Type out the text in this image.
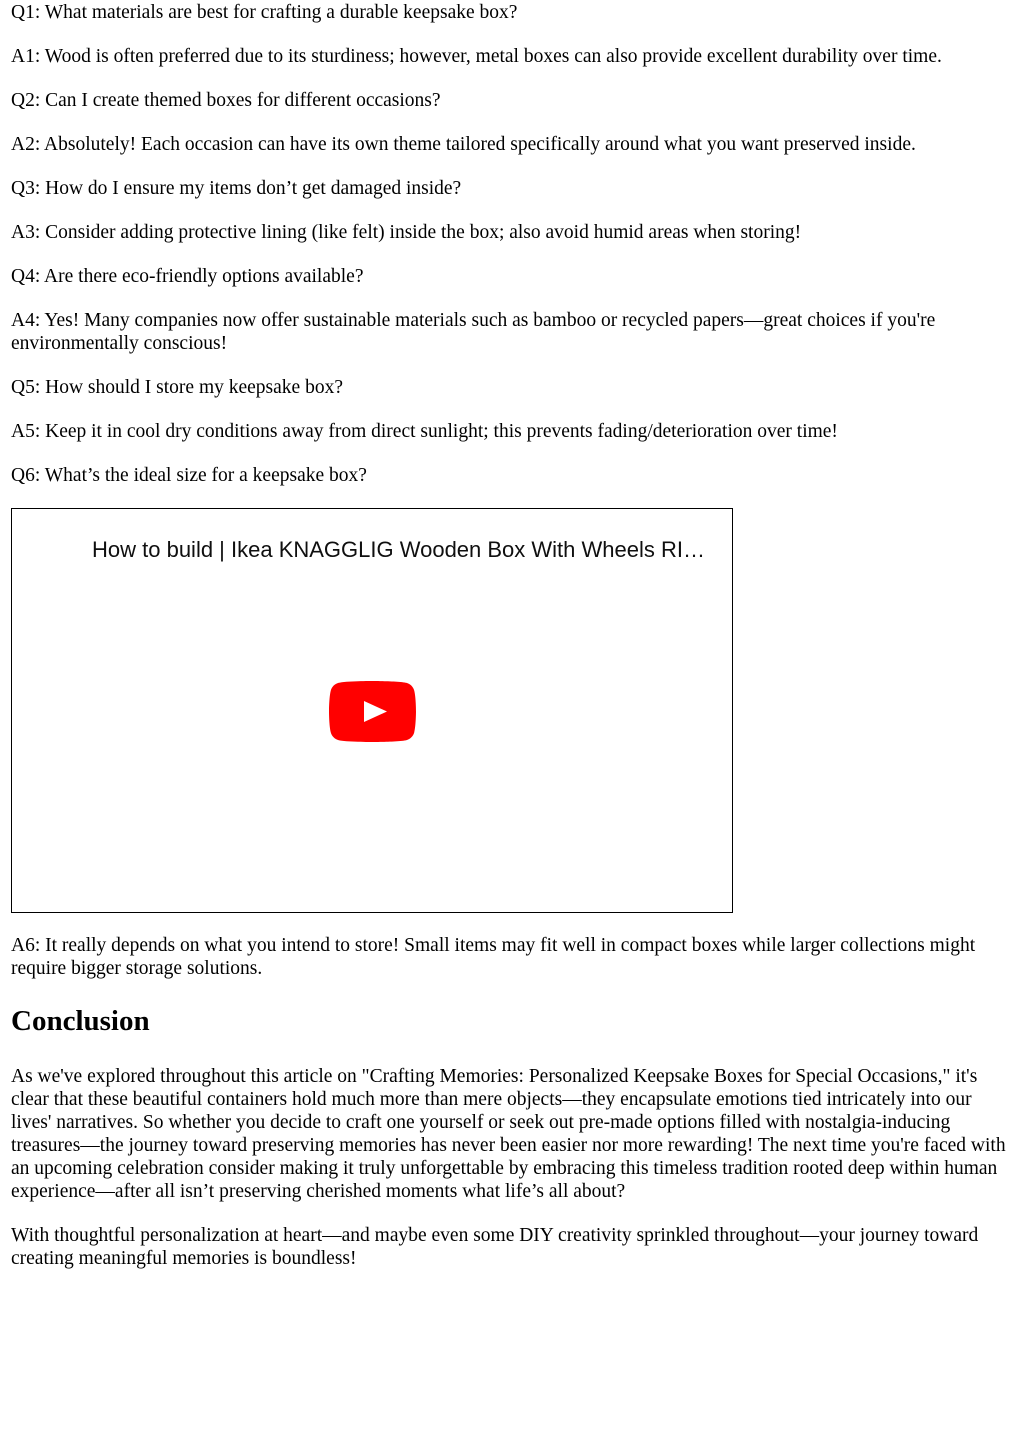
Q1: What materials are best for crafting a durable keepsake box?

A1: Wood is often preferred due to its sturdiness; however, metal boxes can also provide excellent durability over time.

Q2: Can I create themed boxes for different occasions?

A2: Absolutely! Each occasion can have its own theme tailored specifically around what you want preserved inside.

Q3: How do I ensure my items don’t get damaged inside?

A3: Consider adding protective lining (like felt) inside the box; also avoid humid areas when storing!

Q4: Are there eco-friendly options available?

A4: Yes! Many companies now offer sustainable materials such as bamboo or recycled papers—great choices if you're environmentally conscious!

Q5: How should I store my keepsake box?

A5: Keep it in cool dry conditions away from direct sunlight; this prevents fading/deterioration over time!

Q6: What’s the ideal size for a keepsake box?

How to build | Ikea KNAGGLIG Wooden Box With Wheels RI…

A6: It really depends on what you intend to store! Small items may fit well in compact boxes while larger collections might require bigger storage solutions.

Conclusion

As we've explored throughout this article on "Crafting Memories: Personalized Keepsake Boxes for Special Occasions," it's clear that these beautiful containers hold much more than mere objects—they encapsulate emotions tied intricately into our lives' narratives. So whether you decide to craft one yourself or seek out pre-made options filled with nostalgia-inducing treasures—the journey toward preserving memories has never been easier nor more rewarding! The next time you're faced with an upcoming celebration consider making it truly unforgettable by embracing this timeless tradition rooted deep within human experience—after all isn’t preserving cherished moments what life’s all about?

With thoughtful personalization at heart—and maybe even some DIY creativity sprinkled throughout—your journey toward creating meaningful memories is boundless!
